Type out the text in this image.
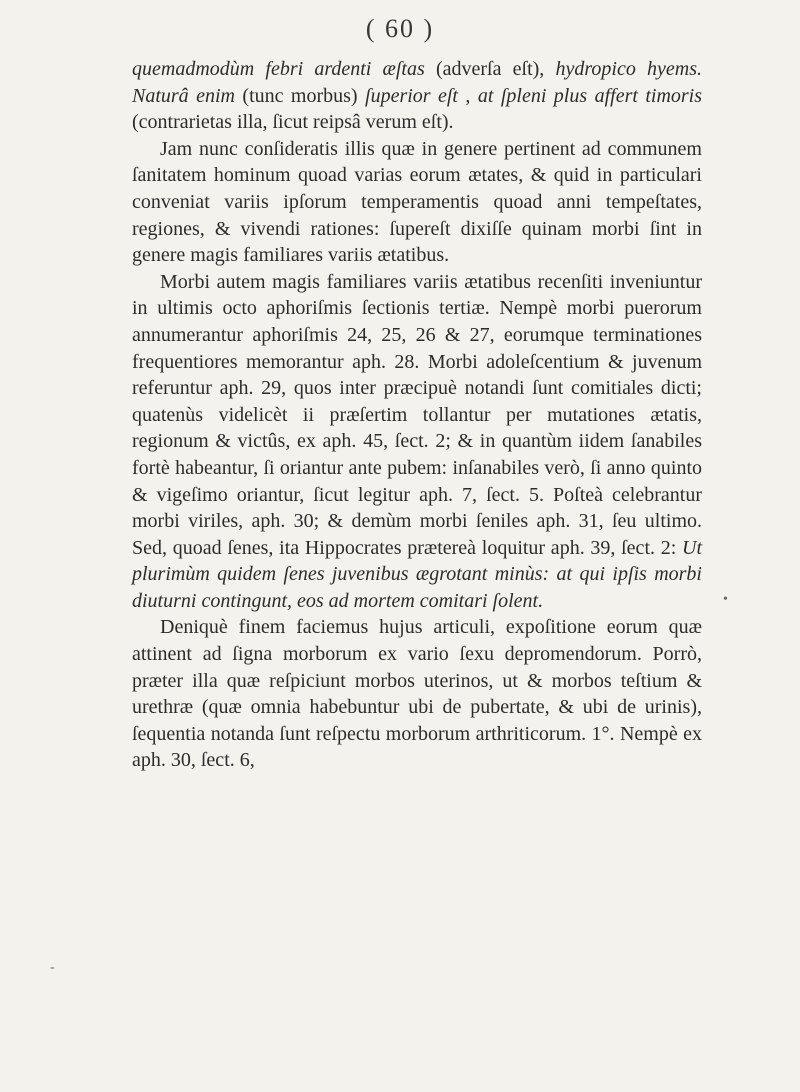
( 60 )

quemadmodùm febri ardenti æſtas (adverſa eſt), hydropico hyems. Naturâ enim (tunc morbus) ſuperior eſt , at ſpleni plus affert timoris (contrarietas illa, ſicut reipsâ verum eſt).

Jam nunc conſideratis illis quæ in genere pertinent ad communem ſanitatem hominum quoad varias eorum ætates, & quid in particulari conveniat variis ipſorum temperamentis quoad anni tempeſtates, regiones, & vivendi rationes: ſupereſt dixiſſe quinam morbi ſint in genere magis familiares variis ætatibus.

Morbi autem magis familiares variis ætatibus recenſiti inveniuntur in ultimis octo aphoriſmis ſectionis tertiæ. Nempè morbi puerorum annumerantur aphoriſmis 24, 25, 26 & 27, eorumque terminationes frequentiores memorantur aph. 28. Morbi adoleſcentium & juvenum referuntur aph. 29, quos inter præcipuè notandi ſunt comitiales dicti; quatenùs videlicèt ii præſertim tollantur per mutationes ætatis, regionum & victûs, ex aph. 45, ſect. 2; & in quantùm iidem ſanabiles fortè habeantur, ſi oriantur ante pubem: inſanabiles verò, ſi anno quinto & vigeſimo oriantur, ſicut legitur aph. 7, ſect. 5. Poſteà celebrantur morbi viriles, aph. 30; & demùm morbi ſeniles aph. 31, ſeu ultimo. Sed, quoad ſenes, ita Hippocrates prætereà loquitur aph. 39, ſect. 2: Ut plurimùm quidem ſenes juvenibus ægrotant minùs: at qui ipſis morbi diuturni contingunt, eos ad mortem comitari ſolent.

Deniquè finem faciemus hujus articuli, expoſitione eorum quæ attinent ad ſigna morborum ex vario ſexu depromendorum. Porrò, præter illa quæ reſpiciunt morbos uterinos, ut & morbos teſtium & urethræ (quæ omnia habebuntur ubi de pubertate, & ubi de urinis), ſequentia notanda ſunt reſpectu morborum arthriticorum. 1°. Nempè ex aph. 30, ſect. 6,

•
-
